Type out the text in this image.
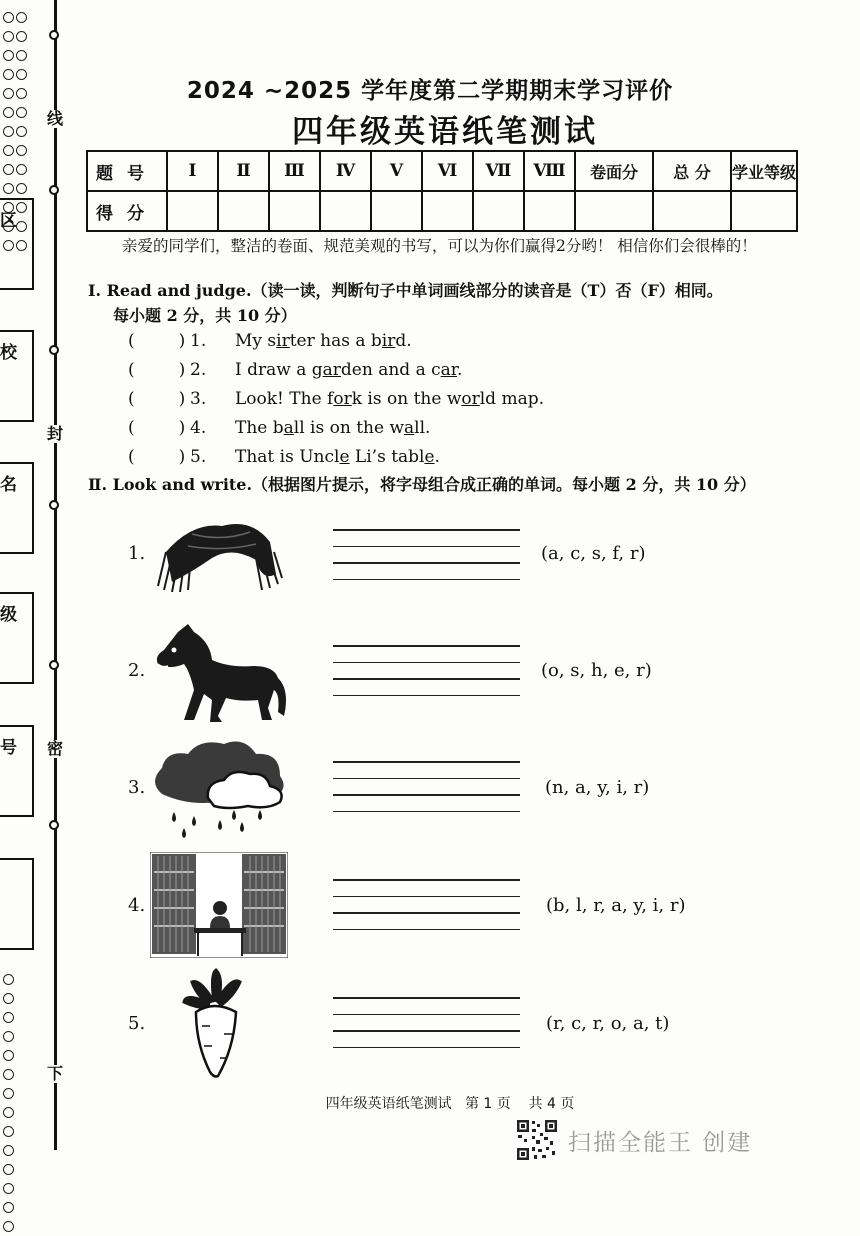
线
封
密
下
区
校
名
级
号
2024 ~2025 学年度第二学期期末学习评价
四年级英语纸笔测试
题号	Ⅰ	Ⅱ	Ⅲ	Ⅳ	Ⅴ	Ⅵ	Ⅶ	Ⅷ	卷面分	总 分	学业等级
得分											
亲爱的同学们，整洁的卷面、规范美观的书写，可以为你们赢得2分哟！ 相信你们会很棒的！
Ⅰ. Read and judge.（读一读，判断句子中单词画线部分的读音是（T）否（F）相同。
每小题 2 分，共 10 分）
(	) 1. My sirter has a bird.
(	) 2. I draw a garden and a car.
(	) 3. Look! The fork is on the world map.
(	) 4. The ball is on the wall.
(	) 5. That is Uncle Li’s table.
Ⅱ. Look and write.（根据图片提示，将字母组合成正确的单词。每小题 2 分，共 10 分）
1.	(a, c, s, f, r)
2.	(o, s, h, e, r)
3.	(n, a, y, i, r)
4.	(b, l, r, a, y, i, r)
5.	(r, c, r, o, a, t)
四年级英语纸笔测试 第 1 页 共 4 页
扫描全能王 创建
